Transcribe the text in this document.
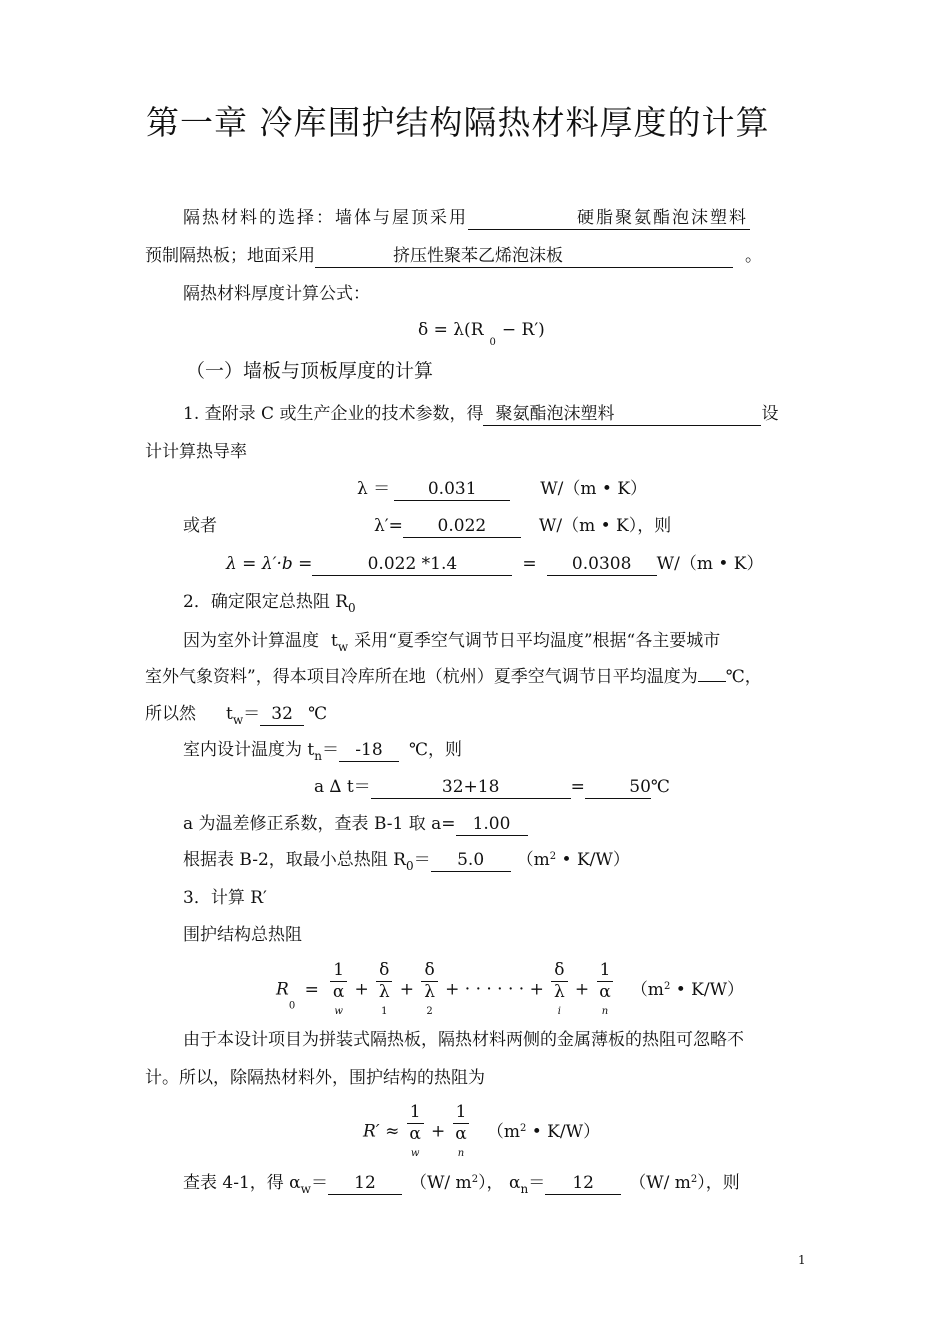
第一章 冷库围护结构隔热材料厚度的计算
隔热材料的选择：墙体与屋顶采用	硬脂聚氨酯泡沫塑料
预制隔热板；地面采用	挤压性聚苯乙烯泡沫板	。
隔热材料厚度计算公式：
$\delta = \lambda(R_0- R')$
（一）墙板与顶板厚度的计算
1. 查附录 C 或生产企业的技术参数，得 聚氨酯泡沫塑料	设
计计算热导率
λ ＝ 0.031	W/（m • K）
或者	λ′= 0.022	W/（m • K），则
λ = λ′·b =	0.022 *1.4	= 0.0308 W/（m • K）
2．确定限定总热阻 $R_0$
因为室外计算温度 $t_w$ 采用“夏季空气调节日平均温度”根据“各主要城市
室外气象资料”，得本项目冷库所在地（杭州）夏季空气调节日平均温度为 ℃，
所以然 $t_w= 32$ ℃
室内设计温度为 $t_n= -18$ ℃，则
a ∆ t＝	32+18	=	50℃
a 为温差修正系数，查表 B-1 取 a= 1.00
根据表 B-2，取最小总热阻 $R_0= 5.0$ （$m^2$ • K/W）
3．计算 R′
围护结构总热阻
$R_0$ =
1
α
w
+
δ
λ
1
+
δ
λ
2
+ · · · · · · +
δ
λ
i
+
1
α
n
（$m^2$ • K/W）
由于本设计项目为拼装式隔热板，隔热材料两侧的金属薄板的热阻可忽略不
计。所以，除隔热材料外，围护结构的热阻为
R′ ≈
1
α
w
+
1
α
n
（$m^2$ • K/W）
查表 4-1，得 $\alpha_w= 12$ （W/ $m^2$）， $\alpha_n= 12$ （W/ $m^2$），则
1
